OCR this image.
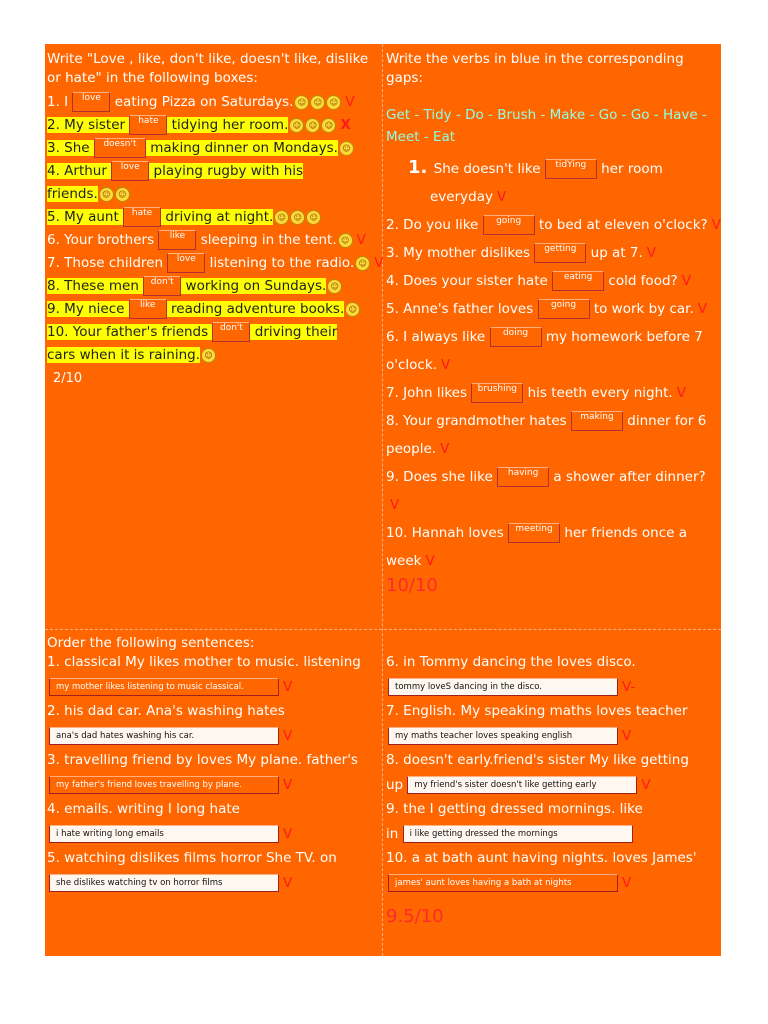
Write "Love , like, don't like, doesn't like, dislike or hate" in the following boxes:
1. I love eating Pizza on Saturdays. ☺ ☺ ☺ V
2. My sister hate tidying her room. ☺ ☺ ☺ X
3. She doesn't making dinner on Mondays. ☺
4. Arthur love playing rugby with his
friends. ☺ ☺
5. My aunt hate driving at night. ☺ ☺ ☺
6. Your brothers like sleeping in the tent. ☺ V
7. Those children love listening to the radio. ☺ V
8. These men don't working on Sundays. ☺
9. My niece like reading adventure books. ☺
10. Your father's friends don't driving their
cars when it is raining. ☺
2/10
Write the verbs in blue in the corresponding gaps:
Get - Tidy - Do - Brush - Make - Go - Go - Have - Meet - Eat
1. She doesn't like tidYing her room
everyday V
2. Do you like going to bed at eleven o'clock? V
3. My mother dislikes getting up at 7. V
4. Does your sister hate eating cold food? V
5. Anne's father loves going to work by car. V
6. I always like doing my homework before 7
o'clock. V
7. John likes brushing his teeth every night. V
8. Your grandmother hates making dinner for 6
people. V
9. Does she like having a shower after dinner?
V
10. Hannah loves meeting her friends once a
week V
10/10
Order the following sentences:
1. classical My likes mother to music. listening
my mother likes listening to music classical.	V
2. his dad car. Ana's washing hates
ana's dad hates washing his car.	V
3. travelling friend by loves My plane. father's
my father's friend loves travelling by plane.	V
4. emails. writing I long hate
i hate writing long emails	V
5. watching dislikes films horror She TV. on
she dislikes watching tv on horror films	V
6. in Tommy dancing the loves disco.
tommy loveS dancing in the disco.	V-
7. English. My speaking maths loves teacher
my maths teacher loves speaking english	V
8. doesn't early.friend's sister My like getting
up my friend's sister doesn't like getting early	V
9. the I getting dressed mornings. like
in i like getting dressed the mornings
10. a at bath aunt having nights. loves James'
james' aunt loves having a bath at nights	V
9.5/10
